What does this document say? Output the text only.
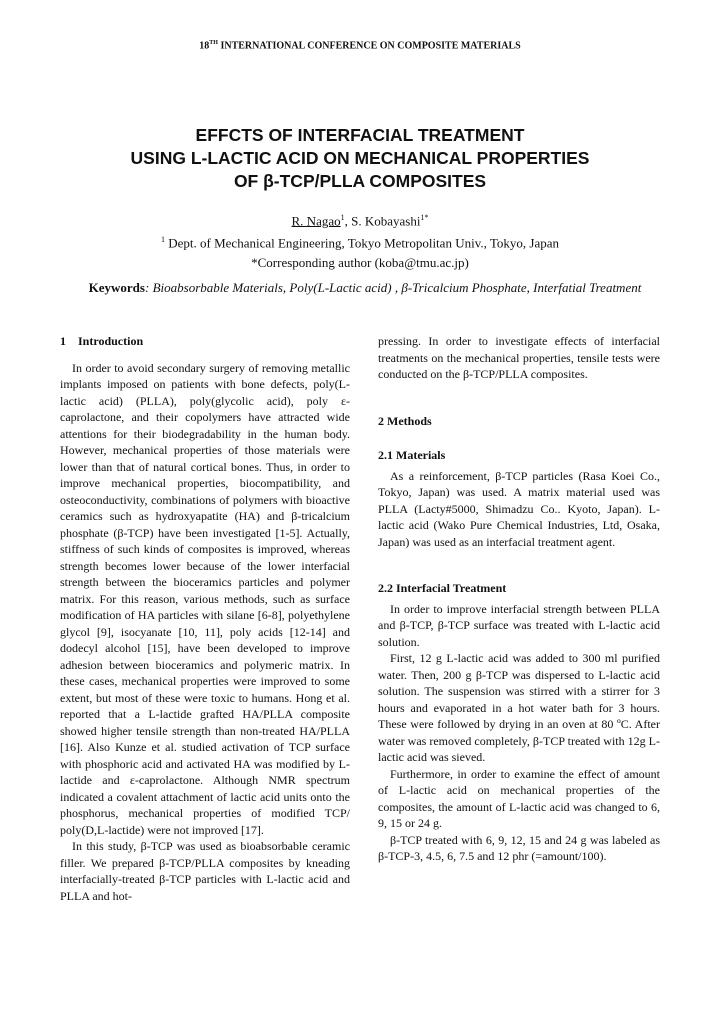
18TH INTERNATIONAL CONFERENCE ON COMPOSITE MATERIALS
EFFCTS OF INTERFACIAL TREATMENT
USING L-LACTIC ACID ON MECHANICAL PROPERTIES
OF β-TCP/PLLA COMPOSITES
R. Nagao$^1$, S. Kobayashi$^{1*}$
$^1$ Dept. of Mechanical Engineering, Tokyo Metropolitan Univ., Tokyo, Japan
*Corresponding author (koba@tmu.ac.jp)
Keywords: Bioabsorbable Materials, Poly(L-Lactic acid) , β-Tricalcium Phosphate, Interfatial Treatment
1    Introduction

In order to avoid secondary surgery of removing metallic implants imposed on patients with bone defects, poly(L-lactic acid) (PLLA), poly(glycolic acid), poly ε-caprolactone, and their copolymers have attracted wide attentions for their biodegradability in the human body. However, mechanical properties of those materials were lower than that of natural cortical bones. Thus, in order to improve mechanical properties, biocompatibility, and osteoconductivity, combinations of polymers with bioactive ceramics such as hydroxyapatite (HA) and β-tricalcium phosphate (β-TCP) have been investigated [1-5]. Actually, stiffness of such kinds of composites is improved, whereas strength becomes lower because of the lower interfacial strength between the bioceramics particles and polymer matrix. For this reason, various methods, such as surface modification of HA particles with silane [6-8], polyethylene glycol [9], isocyanate [10, 11], poly acids [12-14] and dodecyl alcohol [15], have been developed to improve adhesion between bioceramics and polymeric matrix. In these cases, mechanical properties were improved to some extent, but most of these were toxic to humans. Hong et al. reported that a L-lactide grafted HA/PLLA composite showed higher tensile strength than non-treated HA/PLLA [16]. Also Kunze et al. studied activation of TCP surface with phosphoric acid and activated HA was modified by L-lactide and ε-caprolactone. Although NMR spectrum indicated a covalent attachment of lactic acid units onto the phosphorus, mechanical properties of modified TCP/ poly(D,L-lactide) were not improved [17].

In this study, β-TCP was used as bioabsorbable ceramic filler. We prepared β-TCP/PLLA composites by kneading interfacially-treated β-TCP particles with L-lactic acid and PLLA and hot-

pressing. In order to investigate effects of interfacial treatments on the mechanical properties, tensile tests were conducted on the β-TCP/PLLA composites.

2 Methods
2.1 Materials

As a reinforcement, β-TCP particles (Rasa Koei Co., Tokyo, Japan) was used. A matrix material used was PLLA (Lacty#5000, Shimadzu Co.. Kyoto, Japan). L-lactic acid (Wako Pure Chemical Industries, Ltd, Osaka, Japan) was used as an interfacial treatment agent.

2.2 Interfacial Treatment

In order to improve interfacial strength between PLLA and β-TCP, β-TCP surface was treated with L-lactic acid solution.

First, 12 g L-lactic acid was added to 300 ml purified water. Then, 200 g β-TCP was dispersed to L-lactic acid solution. The suspension was stirred with a stirrer for 3 hours and evaporated in a hot water bath for 3 hours. These were followed by drying in an oven at 80 ºC. After water was removed completely, β-TCP treated with 12g L-lactic acid was sieved.

Furthermore, in order to examine the effect of amount of L-lactic acid on mechanical properties of the composites, the amount of L-lactic acid was changed to 6, 9, 15 or 24 g.

β-TCP treated with 6, 9, 12, 15 and 24 g was labeled as β-TCP-3, 4.5, 6, 7.5 and 12 phr (=amount/100).
